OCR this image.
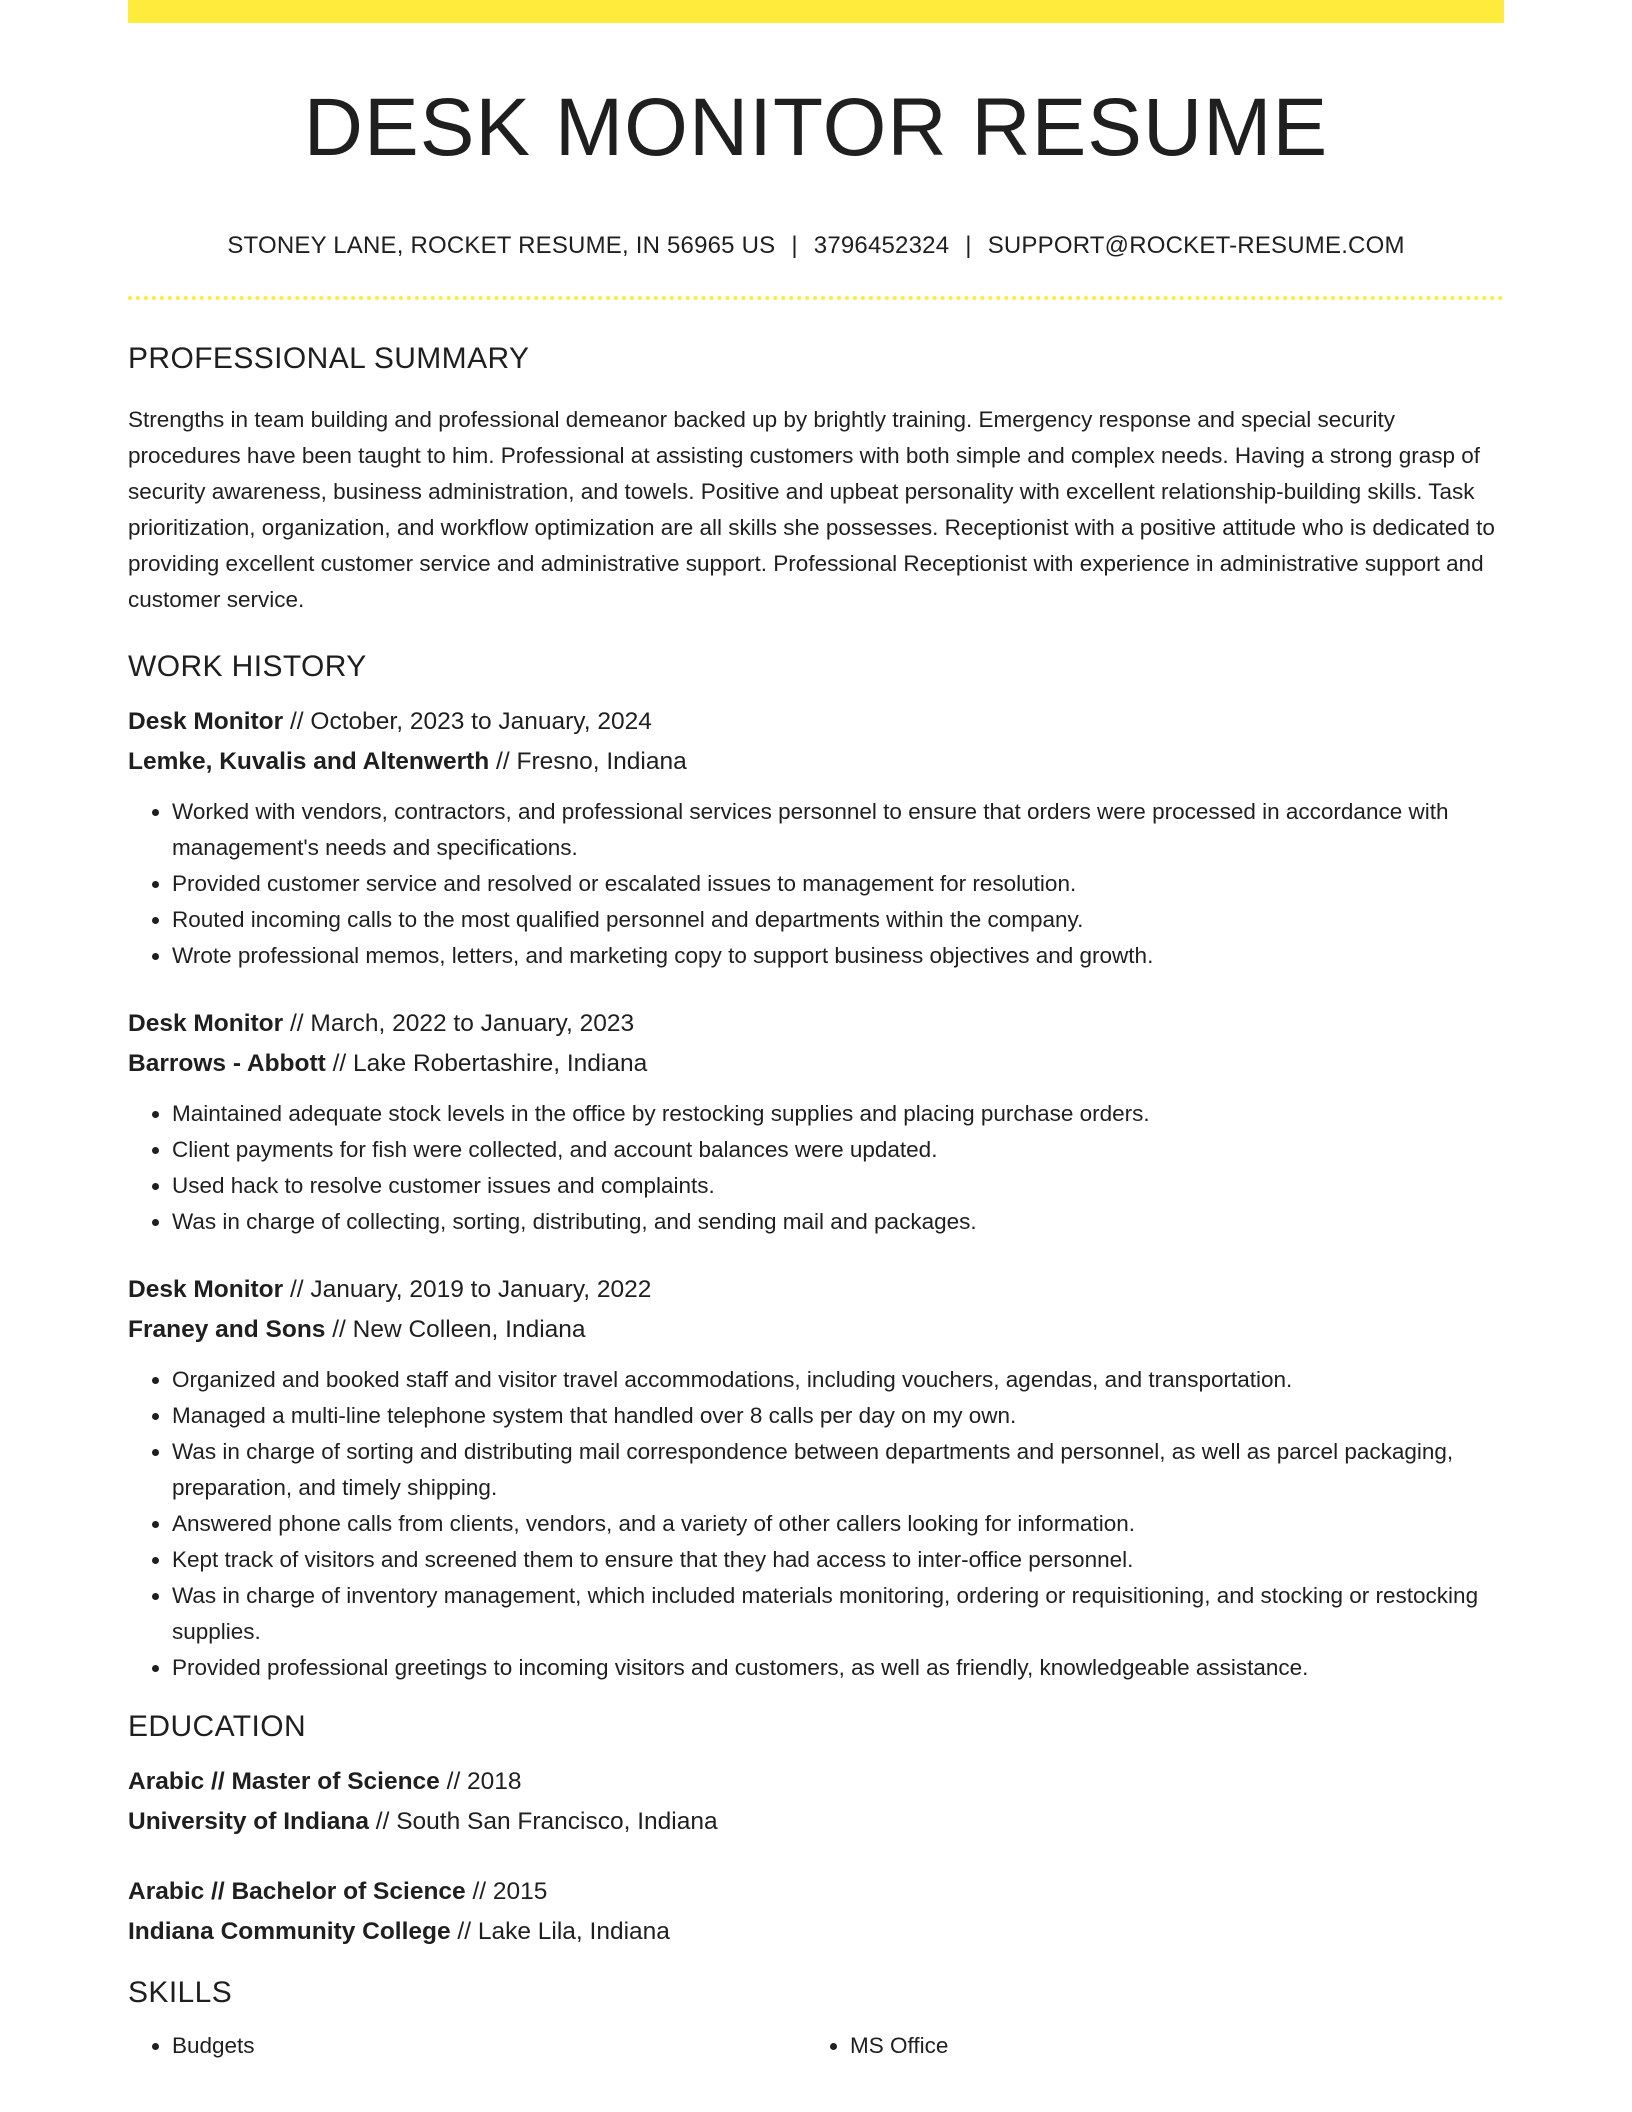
DESK MONITOR RESUME
STONEY LANE, ROCKET RESUME, IN 56965 US | 3796452324 | SUPPORT@ROCKET-RESUME.COM
PROFESSIONAL SUMMARY
Strengths in team building and professional demeanor backed up by brightly training. Emergency response and special security procedures have been taught to him. Professional at assisting customers with both simple and complex needs. Having a strong grasp of security awareness, business administration, and towels. Positive and upbeat personality with excellent relationship-building skills. Task prioritization, organization, and workflow optimization are all skills she possesses. Receptionist with a positive attitude who is dedicated to providing excellent customer service and administrative support. Professional Receptionist with experience in administrative support and customer service.
WORK HISTORY
Desk Monitor // October, 2023 to January, 2024
Lemke, Kuvalis and Altenwerth // Fresno, Indiana
• Worked with vendors, contractors, and professional services personnel to ensure that orders were processed in accordance with management's needs and specifications.
• Provided customer service and resolved or escalated issues to management for resolution.
• Routed incoming calls to the most qualified personnel and departments within the company.
• Wrote professional memos, letters, and marketing copy to support business objectives and growth.
Desk Monitor // March, 2022 to January, 2023
Barrows - Abbott // Lake Robertashire, Indiana
• Maintained adequate stock levels in the office by restocking supplies and placing purchase orders.
• Client payments for fish were collected, and account balances were updated.
• Used hack to resolve customer issues and complaints.
• Was in charge of collecting, sorting, distributing, and sending mail and packages.
Desk Monitor // January, 2019 to January, 2022
Franey and Sons // New Colleen, Indiana
• Organized and booked staff and visitor travel accommodations, including vouchers, agendas, and transportation.
• Managed a multi-line telephone system that handled over 8 calls per day on my own.
• Was in charge of sorting and distributing mail correspondence between departments and personnel, as well as parcel packaging, preparation, and timely shipping.
• Answered phone calls from clients, vendors, and a variety of other callers looking for information.
• Kept track of visitors and screened them to ensure that they had access to inter-office personnel.
• Was in charge of inventory management, which included materials monitoring, ordering or requisitioning, and stocking or restocking supplies.
• Provided professional greetings to incoming visitors and customers, as well as friendly, knowledgeable assistance.
EDUCATION
Arabic // Master of Science // 2018
University of Indiana // South San Francisco, Indiana
Arabic // Bachelor of Science // 2015
Indiana Community College // Lake Lila, Indiana
SKILLS
• Budgets
•	MS Office
